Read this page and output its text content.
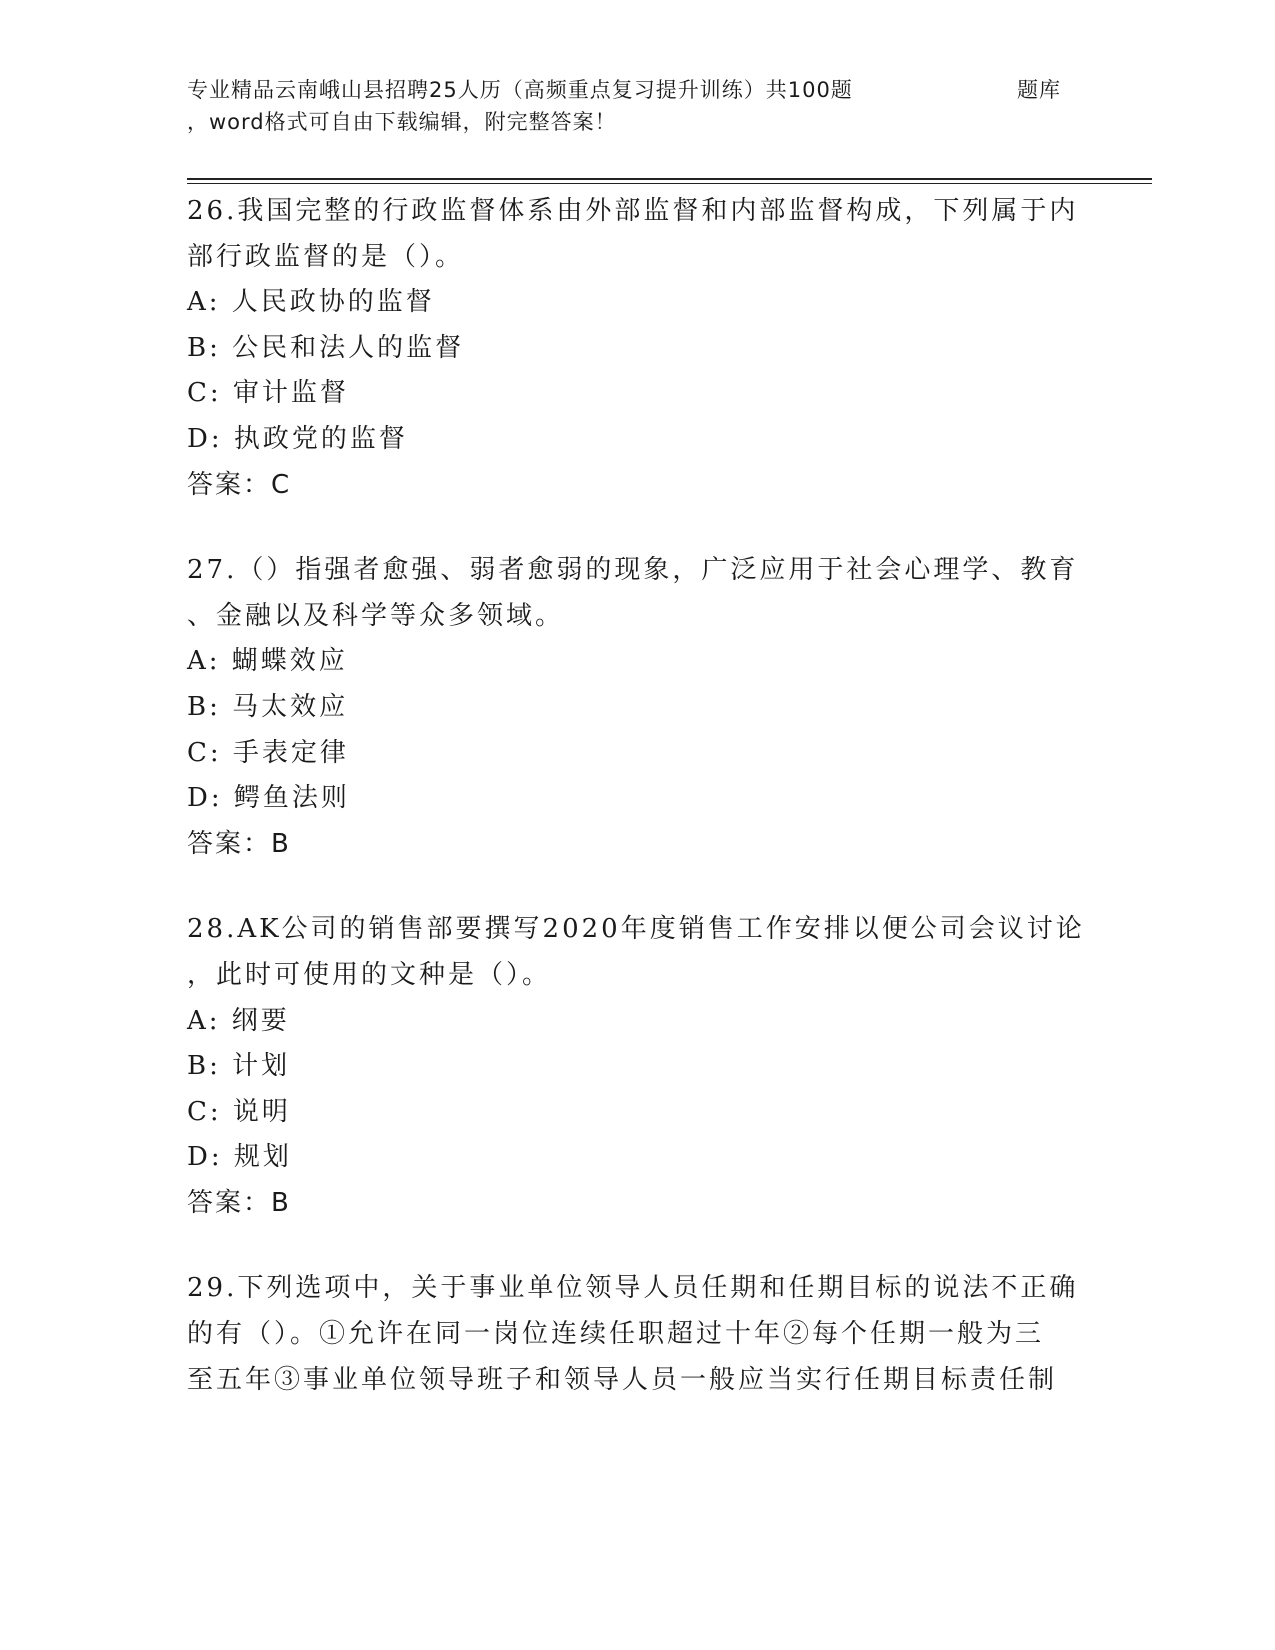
专业精品云南峨山县招聘25人历（高频重点复习提升训练）共100题	题库
，word格式可自由下载编辑，附完整答案！
26.我国完整的行政监督体系由外部监督和内部监督构成，下列属于内
部行政监督的是（）。
A: 人民政协的监督
B: 公民和法人的监督
C: 审计监督
D: 执政党的监督
答案：C
27.（）指强者愈强、弱者愈弱的现象，广泛应用于社会心理学、教育
、金融以及科学等众多领域。
A: 蝴蝶效应
B: 马太效应
C: 手表定律
D: 鳄鱼法则
答案：B
28.AK公司的销售部要撰写2020年度销售工作安排以便公司会议讨论
，此时可使用的文种是（）。
A: 纲要
B: 计划
C: 说明
D: 规划
答案：B
29.下列选项中，关于事业单位领导人员任期和任期目标的说法不正确
的有（）。①允许在同一岗位连续任职超过十年②每个任期一般为三
至五年③事业单位领导班子和领导人员一般应当实行任期目标责任制
